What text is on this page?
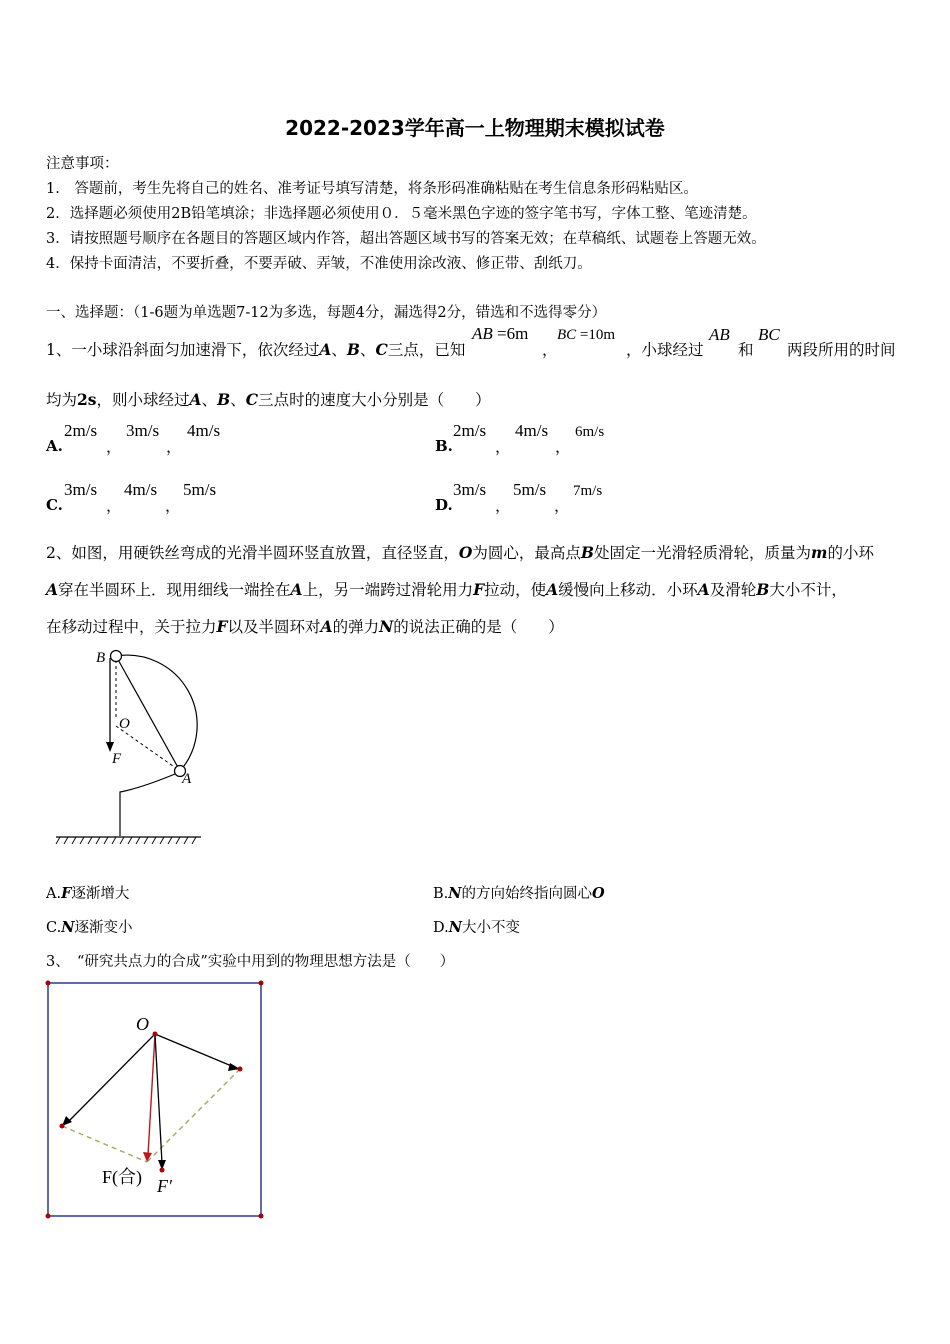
2022-2023学年高一上物理期末模拟试卷
注意事项：
1.　答题前，考生先将自己的姓名、准考证号填写清楚，将条形码准确粘贴在考生信息条形码粘贴区。
2．选择题必须使用2B铅笔填涂；非选择题必须使用０．５毫米黑色字迹的签字笔书写，字体工整、笔迹清楚。
3．请按照题号顺序在各题目的答题区域内作答，超出答题区域书写的答案无效；在草稿纸、试题卷上答题无效。
4．保持卡面清洁，不要折叠，不要弄破、弄皱，不准使用涂改液、修正带、刮纸刀。
一、选择题：（1-6题为单选题7-12为多选，每题4分，漏选得2分，错选和不选得零分）
1、一小球沿斜面匀加速滑下，依次经过A、B、C三点，已知
AB =6m
，
BC =10m
，小球经过
AB
和
BC
两段所用的时间
均为2s，则小球经过A、B、C三点时的速度大小分别是（　　）
A.
2m/s
，
3m/s
，
4m/s
B.
2m/s
，
4m/s
，
6m/s
C.
3m/s
，
4m/s
，
5m/s
D.
3m/s
，
5m/s
，
7m/s
2、如图，用硬铁丝弯成的光滑半圆环竖直放置，直径竖直，O为圆心，最高点B处固定一光滑轻质滑轮，质量为m的小环
A穿在半圆环上．现用细线一端拴在A上，另一端跨过滑轮用力F拉动，使A缓慢向上移动．小环A及滑轮B大小不计，
在移动过程中，关于拉力F以及半圆环对A的弹力N的说法正确的是（　　）
B
O
F
A
A.F逐渐增大	B.N的方向始终指向圆心O
C.N逐渐变小	D.N大小不变
3、　“研究共点力的合成”实验中用到的物理思想方法是（　　）
O
F(合) F′
